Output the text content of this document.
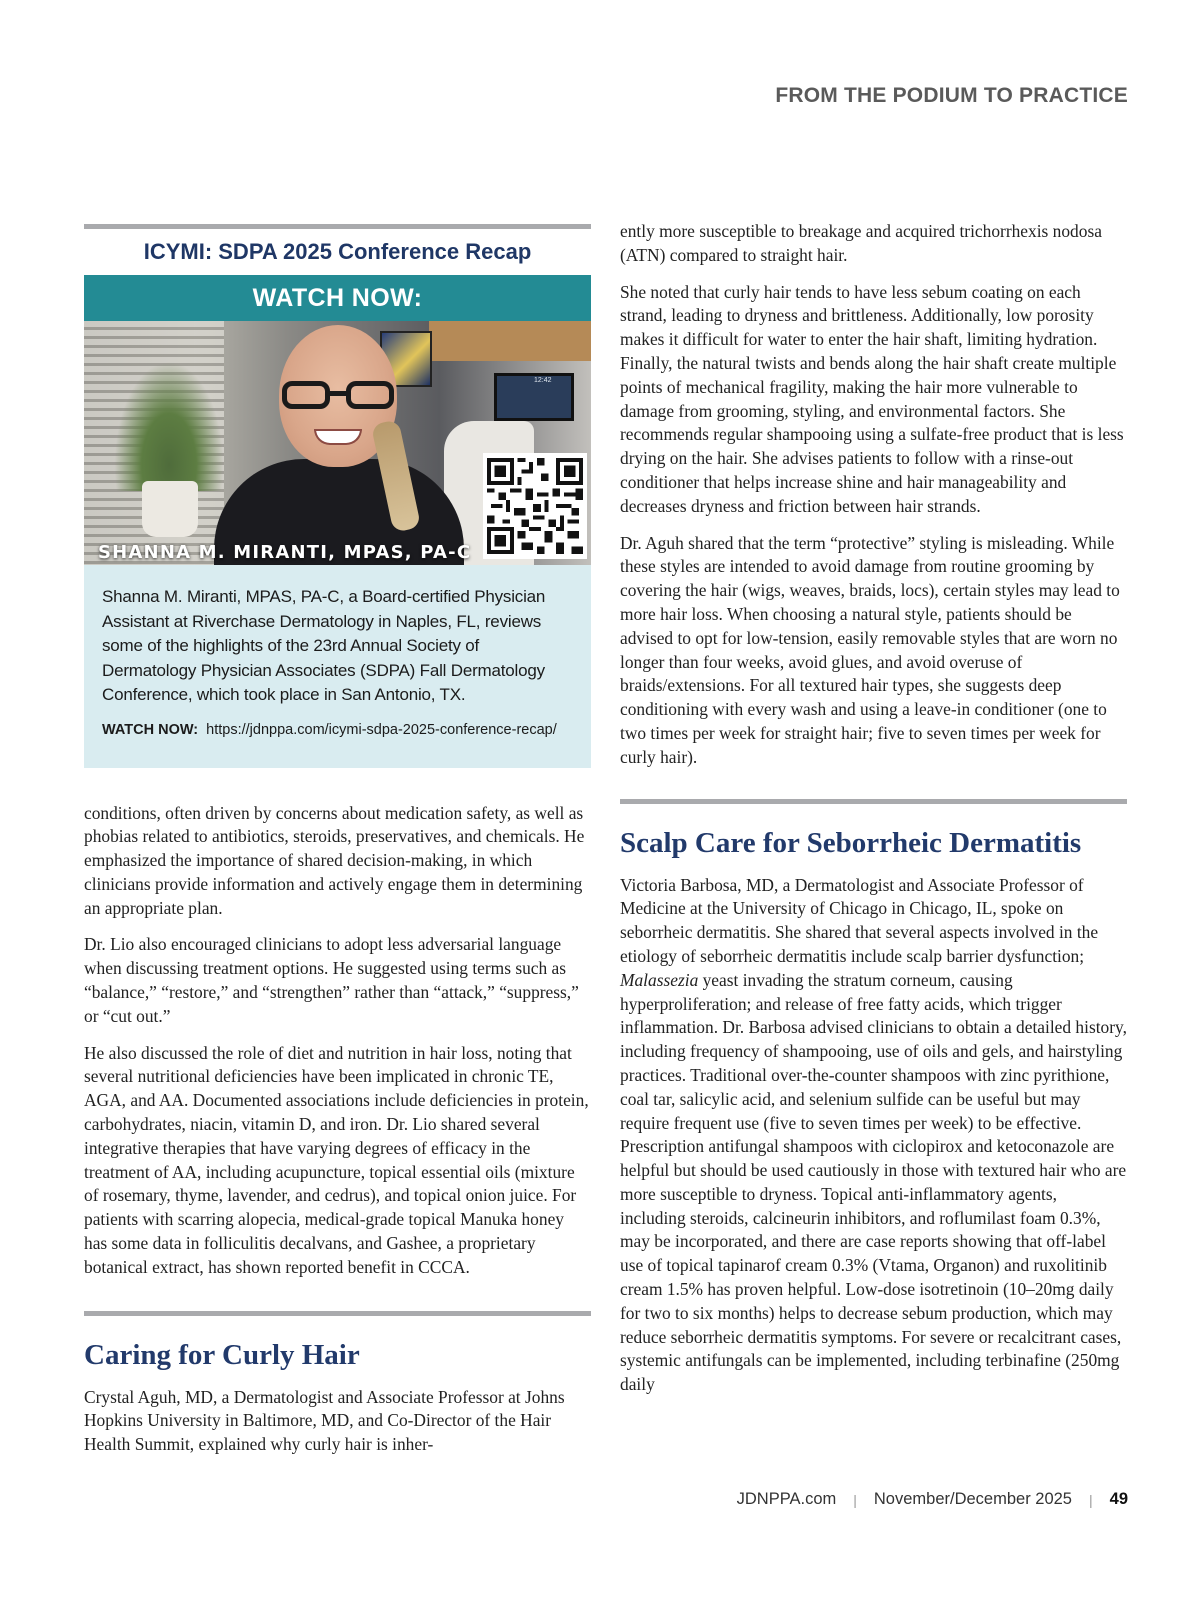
FROM THE PODIUM TO PRACTICE
ICYMI: SDPA 2025 Conference Recap
WATCH NOW:
12:42
SHANNA M. MIRANTI, MPAS, PA-C
Shanna M. Miranti, MPAS, PA-C, a Board-certified Physician Assistant at Riverchase Dermatology in Naples, FL, reviews some of the highlights of the 23rd Annual Society of Dermatology Physician Associates (SDPA) Fall Dermatology Conference, which took place in San Antonio, TX.
WATCH NOW: https://jdnppa.com/icymi-sdpa-2025-conference-recap/

conditions, often driven by concerns about medication safety, as well as phobias related to antibiotics, steroids, preservatives, and chemicals. He emphasized the importance of shared decision-making, in which clinicians provide information and actively engage them in determining an appropriate plan.

Dr. Lio also encouraged clinicians to adopt less adversarial language when discussing treatment options. He suggested using terms such as “balance,” “restore,” and “strengthen” rather than “attack,” “suppress,” or “cut out.”

He also discussed the role of diet and nutrition in hair loss, noting that several nutritional deficiencies have been implicated in chronic TE, AGA, and AA. Documented associations include deficiencies in protein, carbohydrates, niacin, vitamin D, and iron. Dr. Lio shared several integrative therapies that have varying degrees of efficacy in the treatment of AA, including acupuncture, topical essential oils (mixture of rosemary, thyme, lavender, and cedrus), and topical onion juice. For patients with scarring alopecia, medical-grade topical Manuka honey has some data in folliculitis decalvans, and Gashee, a proprietary botanical extract, has shown reported benefit in CCCA.

Caring for Curly Hair

Crystal Aguh, MD, a Dermatologist and Associate Professor at Johns Hopkins University in Baltimore, MD, and Co-Director of the Hair Health Summit, explained why curly hair is inher-

ently more susceptible to breakage and acquired trichorrhexis nodosa (ATN) compared to straight hair.

She noted that curly hair tends to have less sebum coating on each strand, leading to dryness and brittleness. Additionally, low porosity makes it difficult for water to enter the hair shaft, limiting hydration. Finally, the natural twists and bends along the hair shaft create multiple points of mechanical fragility, making the hair more vulnerable to damage from grooming, styling, and environmental factors. She recommends regular shampooing using a sulfate-free product that is less drying on the hair. She advises patients to follow with a rinse-out conditioner that helps increase shine and hair manageability and decreases dryness and friction between hair strands.

Dr. Aguh shared that the term “protective” styling is misleading. While these styles are intended to avoid damage from routine grooming by covering the hair (wigs, weaves, braids, locs), certain styles may lead to more hair loss. When choosing a natural style, patients should be advised to opt for low-tension, easily removable styles that are worn no longer than four weeks, avoid glues, and avoid overuse of braids/extensions. For all textured hair types, she suggests deep conditioning with every wash and using a leave-in conditioner (one to two times per week for straight hair; five to seven times per week for curly hair).

Scalp Care for Seborrheic Dermatitis

Victoria Barbosa, MD, a Dermatologist and Associate Professor of Medicine at the University of Chicago in Chicago, IL, spoke on seborrheic dermatitis. She shared that several aspects involved in the etiology of seborrheic dermatitis include scalp barrier dysfunction; Malassezia yeast invading the stratum corneum, causing hyperproliferation; and release of free fatty acids, which trigger inflammation. Dr. Barbosa advised clinicians to obtain a detailed history, including frequency of shampooing, use of oils and gels, and hairstyling practices. Traditional over-the-counter shampoos with zinc pyrithione, coal tar, salicylic acid, and selenium sulfide can be useful but may require frequent use (five to seven times per week) to be effective. Prescription antifungal shampoos with ciclopirox and ketoconazole are helpful but should be used cautiously in those with textured hair who are more susceptible to dryness. Topical anti-inflammatory agents, including steroids, calcineurin inhibitors, and roflumilast foam 0.3%, may be incorporated, and there are case reports showing that off-label use of topical tapinarof cream 0.3% (Vtama, Organon) and ruxolitinib cream 1.5% has proven helpful. Low-dose isotretinoin (10–20mg daily for two to six months) helps to decrease sebum production, which may reduce seborrheic dermatitis symptoms. For severe or recalcitrant cases, systemic antifungals can be implemented, including terbinafine (250mg daily

JDNPPA.com | November/December 2025 | 49
